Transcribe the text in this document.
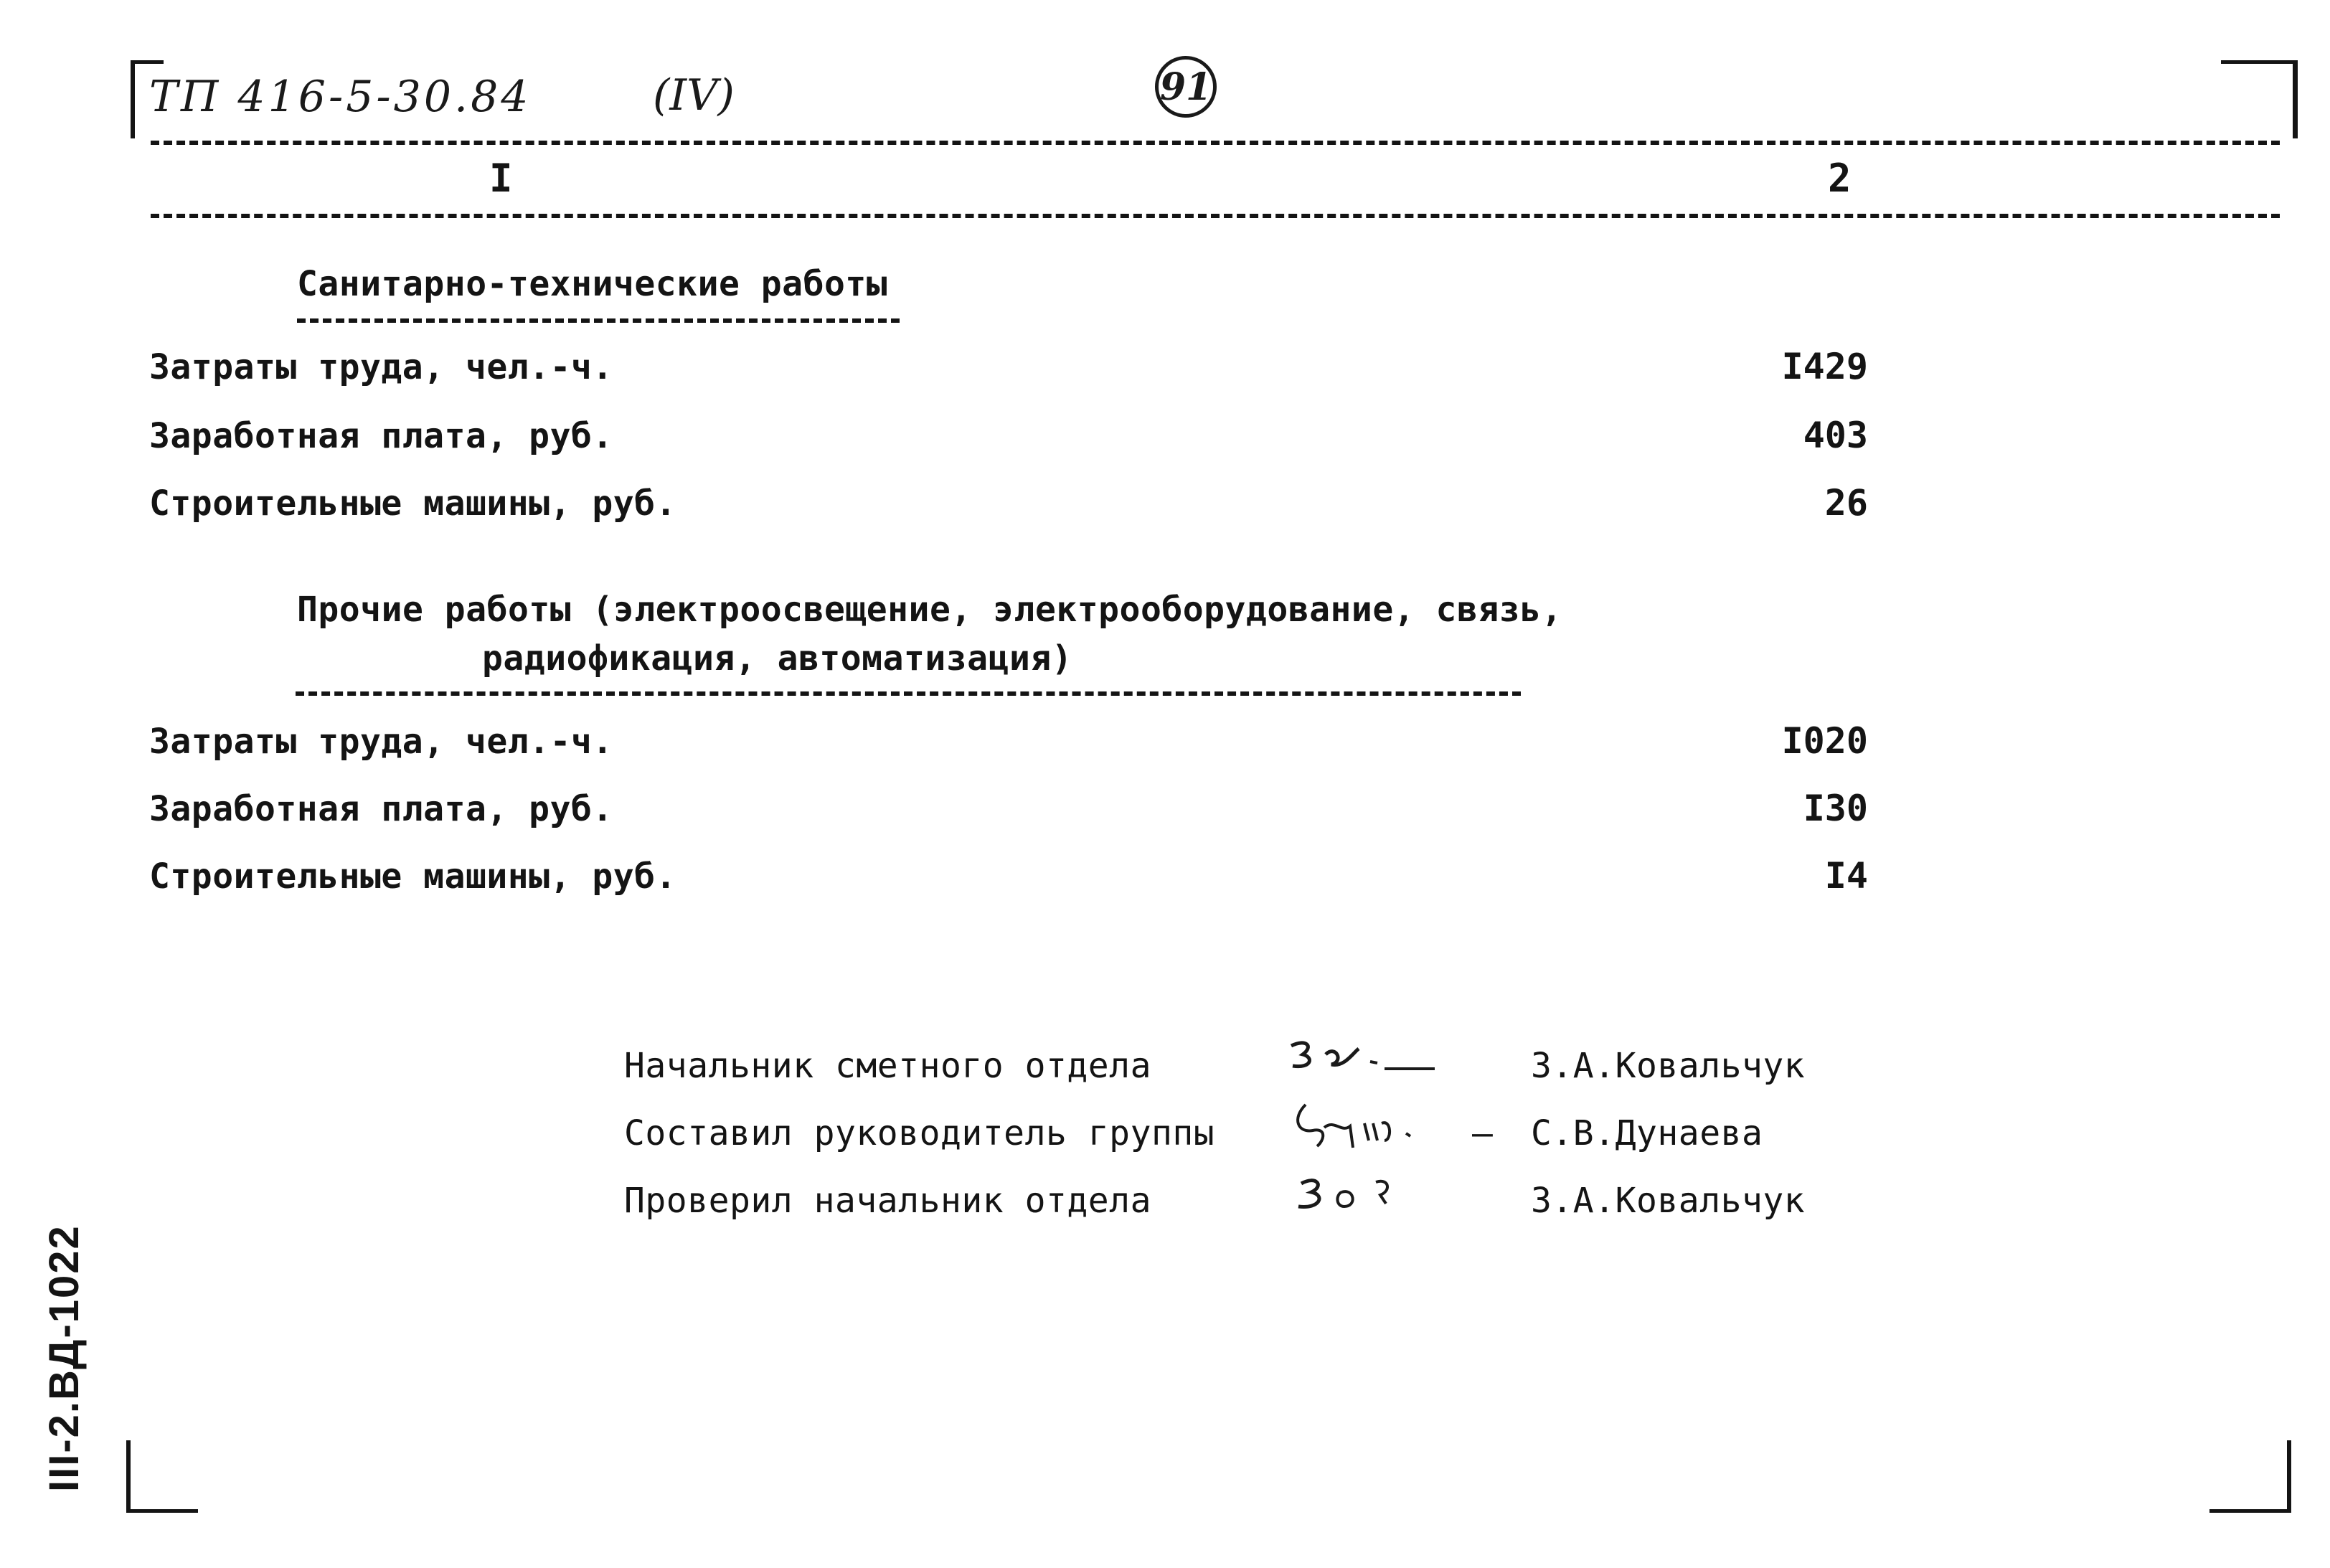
ТП 416-5-30.84	(IV)	91
I	2
Санитарно-технические работы
Затраты труда, чел.-ч.	I429
Заработная плата, руб.	403
Строительные машины, руб.	26
Прочие работы (электроосвещение, электрооборудование, связь,
радиофикация, автоматизация)
Затраты труда, чел.-ч.	I020
Заработная плата, руб.	I30
Строительные машины, руб.	I4
Начальник сметного отдела	З.А.Ковальчук
Составил руководитель группы	– С.В.Дунаева
Проверил начальник отдела	З.А.Ковальчук
III-2.ВД-1022
